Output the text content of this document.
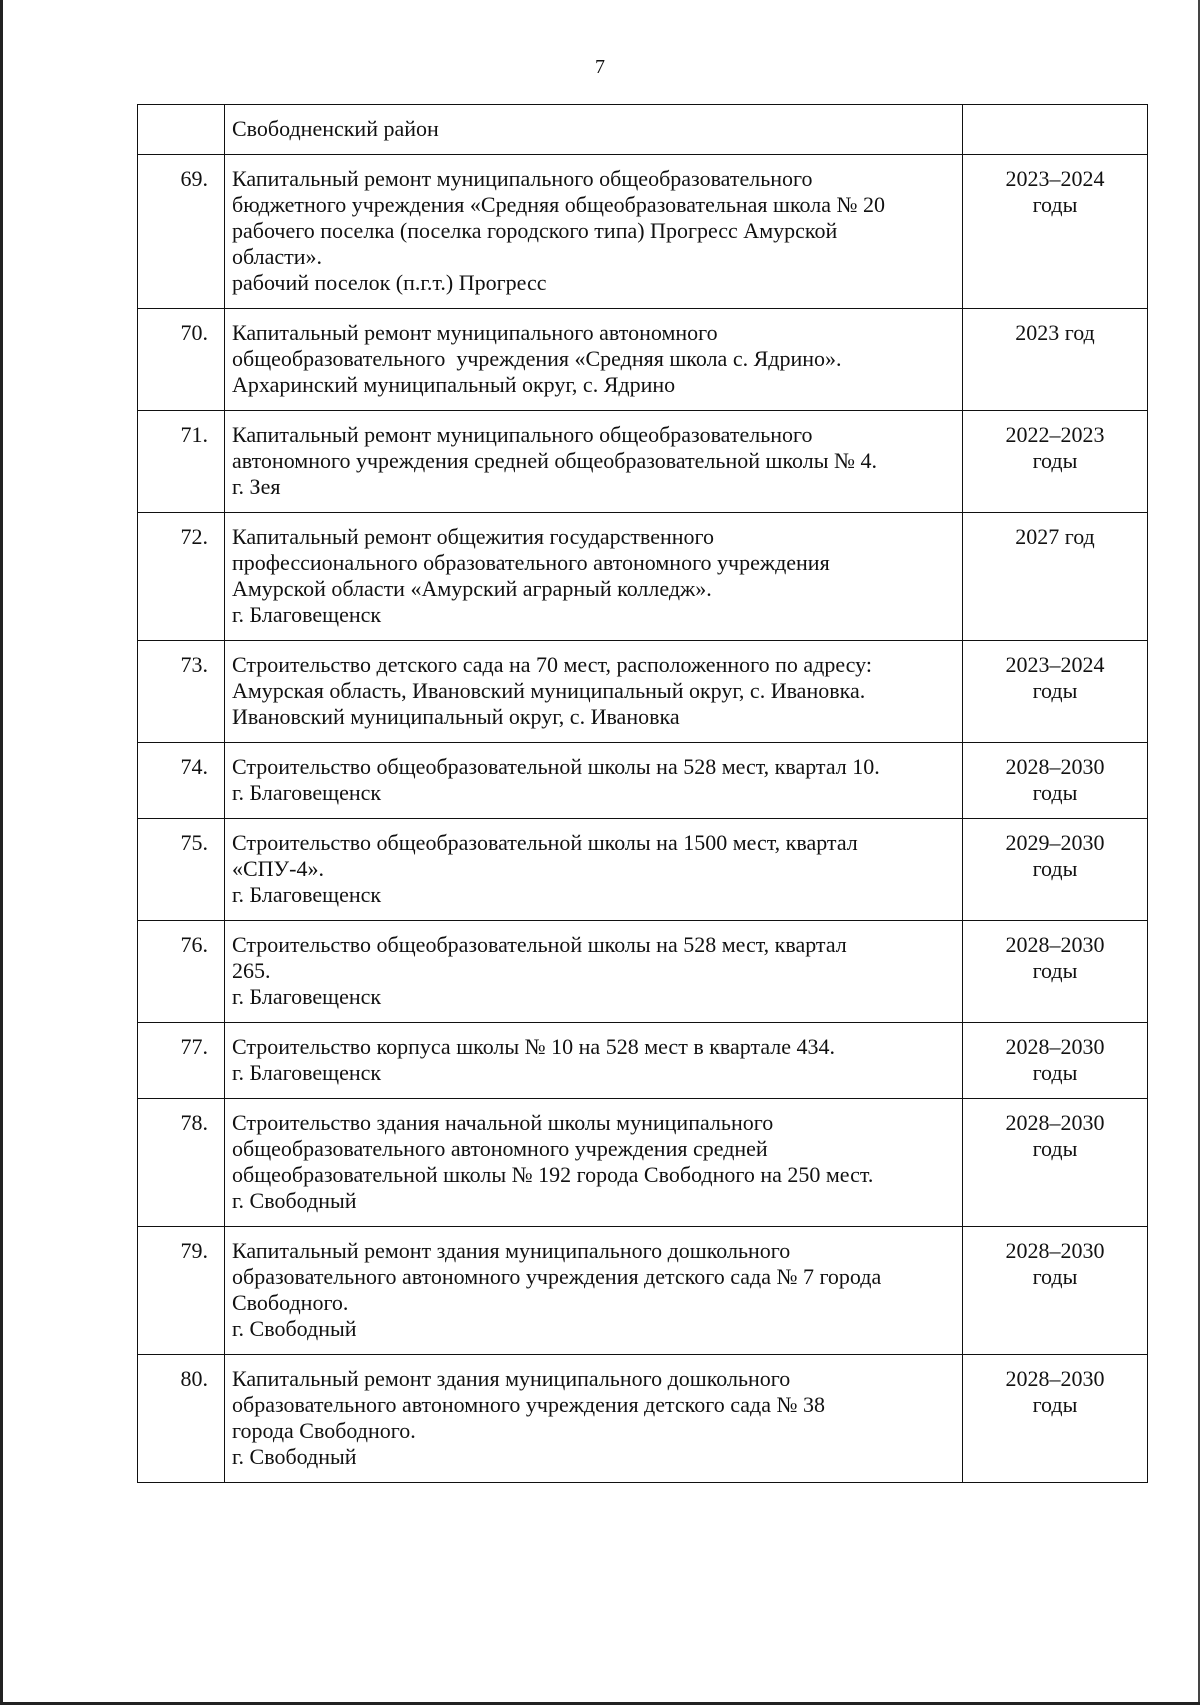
7
	Свободненский район	
69.	Капитальный ремонт муниципального общеобразовательного
бюджетного учреждения «Средняя общеобразовательная школа № 20
рабочего поселка (поселка городского типа) Прогресс Амурской
области».
рабочий поселок (п.г.т.) Прогресс	2023–2024
годы

70.	Капитальный ремонт муниципального автономного
общеобразовательного  учреждения «Средняя школа с. Ядрино».
Архаринский муниципальный округ, с. Ядрино	2023 год

71.	Капитальный ремонт муниципального общеобразовательного
автономного учреждения средней общеобразовательной школы № 4.
г. Зея	2022–2023
годы

72.	Капитальный ремонт общежития государственного
профессионального образовательного автономного учреждения
Амурской области «Амурский аграрный колледж».
г. Благовещенск	2027 год

73.	Строительство детского сада на 70 мест, расположенного по адресу:
Амурская область, Ивановский муниципальный округ, с. Ивановка.
Ивановский муниципальный округ, с. Ивановка	2023–2024
годы

74.	Строительство общеобразовательной школы на 528 мест, квартал 10.
г. Благовещенск	2028–2030
годы

75.	Строительство общеобразовательной школы на 1500 мест, квартал
«СПУ-4».
г. Благовещенск	2029–2030
годы

76.	Строительство общеобразовательной школы на 528 мест, квартал
265.
г. Благовещенск	2028–2030
годы

77.	Строительство корпуса школы № 10 на 528 мест в квартале 434.
г. Благовещенск	2028–2030
годы

78.	Строительство здания начальной школы муниципального
общеобразовательного автономного учреждения средней
общеобразовательной школы № 192 города Свободного на 250 мест.
г. Свободный	2028–2030
годы

79.	Капитальный ремонт здания муниципального дошкольного
образовательного автономного учреждения детского сада № 7 города
Свободного.
г. Свободный	2028–2030
годы

80.	Капитальный ремонт здания муниципального дошкольного
образовательного автономного учреждения детского сада № 38
города Свободного.
г. Свободный	2028–2030
годы
